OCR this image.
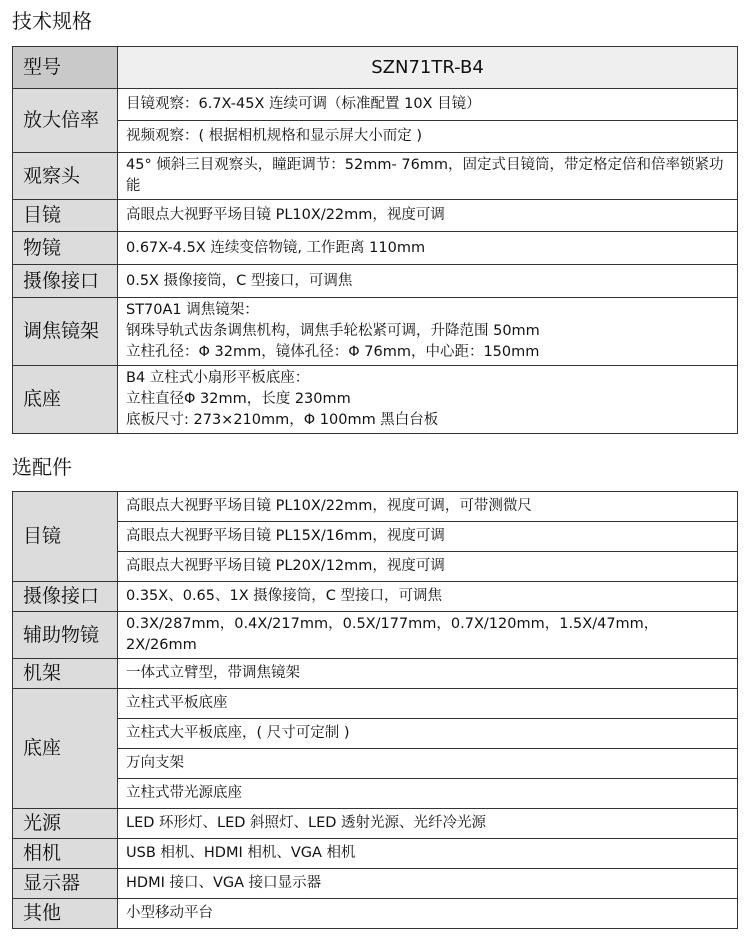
技术规格
型号	SZN71TR-B4
放大倍率	目镜观察：6.7X-45X 连续可调（标准配置 10X 目镜）
	视频观察：( 根据相机规格和显示屏大小而定 )
观察头	45° 倾斜三目观察头，瞳距调节：52mm- 76mm，固定式目镜筒，带定格定倍和倍率锁紧功能
目镜	高眼点大视野平场目镜 PL10X/22mm，视度可调
物镜	0.67X-4.5X 连续变倍物镜, 工作距离 110mm
摄像接口	0.5X 摄像接筒，C 型接口，可调焦
调焦镜架	ST70A1 调焦镜架：
钢珠导轨式齿条调焦机构，调焦手轮松紧可调，升降范围 50mm
立柱孔径：Φ 32mm，镜体孔径：Φ 76mm，中心距：150mm

底座	B4 立柱式小扇形平板底座：
立柱直径Φ 32mm，长度 230mm
底板尺寸: 273×210mm，Φ 100mm 黑白台板
选配件
目镜	高眼点大视野平场目镜 PL10X/22mm，视度可调，可带测微尺
	高眼点大视野平场目镜 PL15X/16mm，视度可调
	高眼点大视野平场目镜 PL20X/12mm，视度可调
摄像接口	0.35X、0.65、1X 摄像接筒，C 型接口，可调焦
辅助物镜	0.3X/287mm，0.4X/217mm，0.5X/177mm，0.7X/120mm，1.5X/47mm，2X/26mm
机架	一体式立臂型，带调焦镜架
底座	立柱式平板底座
	立柱式大平板底座，( 尺寸可定制 )
	万向支架
	立柱式带光源底座
光源	LED 环形灯、LED 斜照灯、LED 透射光源、光纤冷光源
相机	USB 相机、HDMI 相机、VGA 相机
显示器	HDMI 接口、VGA 接口显示器
其他	小型移动平台
